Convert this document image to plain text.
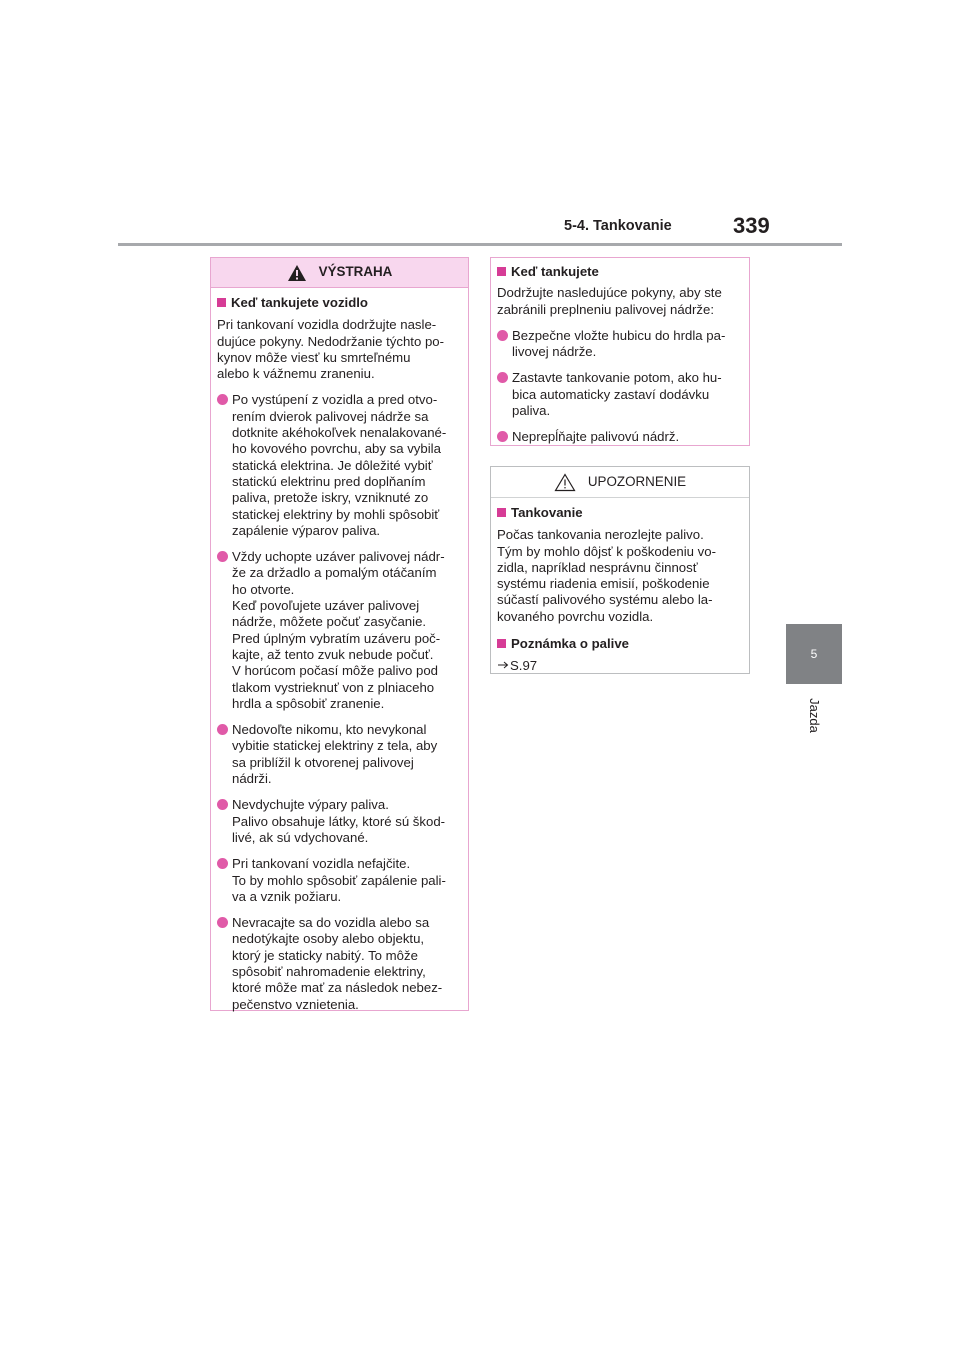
5-4. Tankovanie	339
5
Jazda
VÝSTRAHA
Keď tankujete vozidlo
Pri tankovaní vozidla dodržujte nasle-
dujúce pokyny. Nedodržanie týchto po-
kynov môže viesť ku smrteľnému
alebo k vážnemu zraneniu.
Po vystúpení z vozidla a pred otvo-
rením dvierok palivovej nádrže sa
dotknite akéhokoľvek nenalakované-
ho kovového povrchu, aby sa vybila
statická elektrina. Je dôležité vybiť
statickú elektrinu pred doplňaním
paliva, pretože iskry, vzniknuté zo
statickej elektriny by mohli spôsobiť
zapálenie výparov paliva.
Vždy uchopte uzáver palivovej nádr-
že za držadlo a pomalým otáčaním
ho otvorte.
Keď povoľujete uzáver palivovej
nádrže, môžete počuť zasyčanie.
Pred úplným vybratím uzáveru poč-
kajte, až tento zvuk nebude počuť.
V horúcom počasí môže palivo pod
tlakom vystrieknuť von z plniaceho
hrdla a spôsobiť zranenie.
Nedovoľte nikomu, kto nevykonal
vybitie statickej elektriny z tela, aby
sa priblížil k otvorenej palivovej
nádrži.
Nevdychujte výpary paliva.
Palivo obsahuje látky, ktoré sú škod-
livé, ak sú vdychované.
Pri tankovaní vozidla nefajčite.
To by mohlo spôsobiť zapálenie pali-
va a vznik požiaru.
Nevracajte sa do vozidla alebo sa
nedotýkajte osoby alebo objektu,
ktorý je staticky nabitý. To môže
spôsobiť nahromadenie elektriny,
ktoré môže mať za následok nebez-
pečenstvo vznietenia.
Keď tankujete
Dodržujte nasledujúce pokyny, aby ste
zabránili preplneniu palivovej nádrže:
Bezpečne vložte hubicu do hrdla pa-
livovej nádrže.
Zastavte tankovanie potom, ako hu-
bica automaticky zastaví dodávku
paliva.
Neprepĺňajte palivovú nádrž.
UPOZORNENIE
Tankovanie
Počas tankovania nerozlejte palivo.
Tým by mohlo dôjsť k poškodeniu vo-
zidla, napríklad nesprávnu činnosť
systému riadenia emisií, poškodenie
súčastí palivového systému alebo la-
kovaného povrchu vozidla.
Poznámka o palive
S.97
